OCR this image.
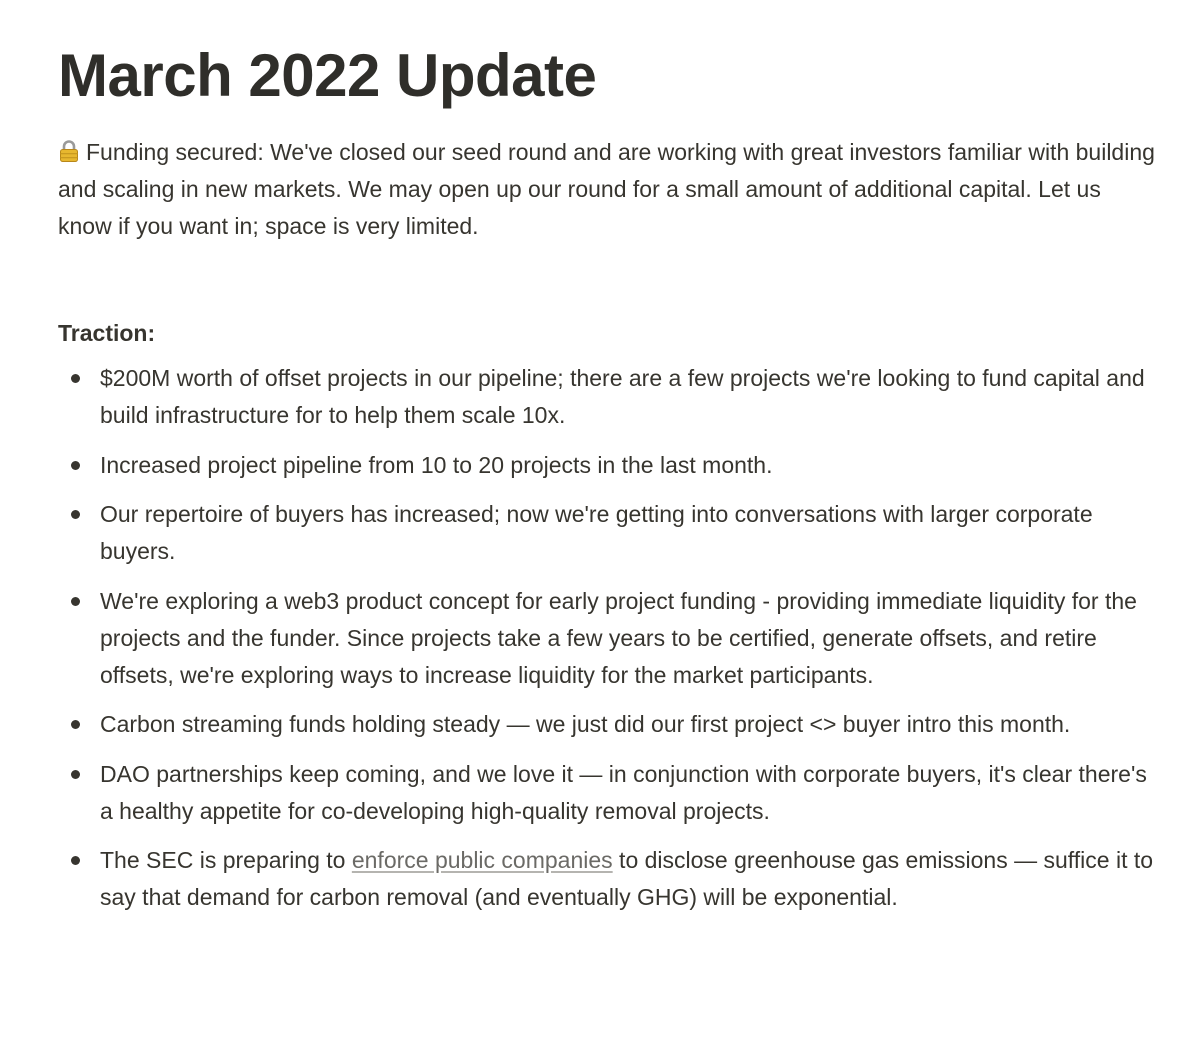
March 2022 Update
Funding secured: We've closed our seed round and are working with great investors familiar with building and scaling in new markets. We may open up our round for a small amount of additional capital. Let us know if you want in; space is very limited.
Traction:
$200M worth of offset projects in our pipeline; there are a few projects we're looking to fund capital and build infrastructure for to help them scale 10x.
Increased project pipeline from 10 to 20 projects in the last month.
Our repertoire of buyers has increased; now we're getting into conversations with larger corporate buyers.
We're exploring a web3 product concept for early project funding - providing immediate liquidity for the projects and the funder. Since projects take a few years to be certified, generate offsets, and retire offsets, we're exploring ways to increase liquidity for the market participants.
Carbon streaming funds holding steady — we just did our first project <> buyer intro this month.
DAO partnerships keep coming, and we love it — in conjunction with corporate buyers, it's clear there's a healthy appetite for co-developing high-quality removal projects.
The SEC is preparing to enforce public companies to disclose greenhouse gas emissions — suffice it to say that demand for carbon removal (and eventually GHG) will be exponential.
